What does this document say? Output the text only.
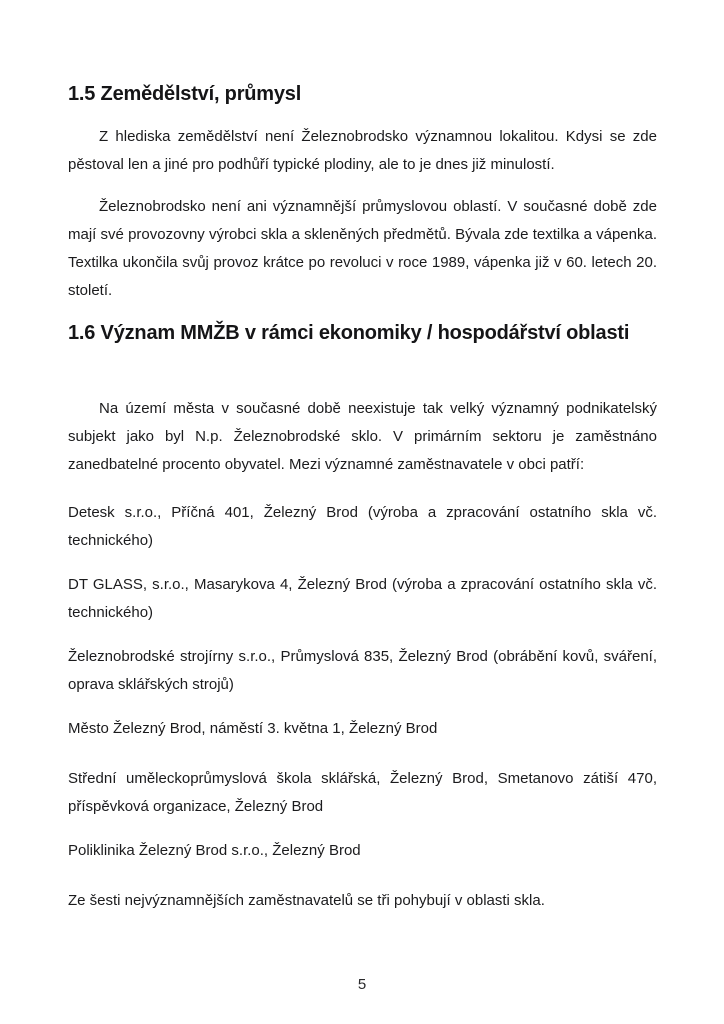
1.5 Zemědělství, průmysl

Z hlediska zemědělství není Železnobrodsko významnou lokalitou. Kdysi se zde pěstoval len a jiné pro podhůří typické plodiny, ale to je dnes již minulostí.

Železnobrodsko není ani významnější průmyslovou oblastí. V současné době zde mají své provozovny výrobci skla a skleněných předmětů. Bývala zde textilka a vápenka. Textilka ukončila svůj provoz krátce po revoluci v roce 1989, vápenka již v 60. letech 20. století.

1.6 Význam MMŽB v rámci ekonomiky / hospodářství oblasti

Na území města v současné době neexistuje tak velký významný podnikatelský subjekt jako byl N.p. Železnobrodské sklo. V primárním sektoru je zaměstnáno zanedbatelné procento obyvatel. Mezi významné zaměstnavatele v obci patří:

Detesk s.r.o., Příčná 401, Železný Brod (výroba a zpracování ostatního skla vč. technického)

DT GLASS, s.r.o., Masarykova 4, Železný Brod (výroba a zpracování ostatního skla vč. technického)

Železnobrodské strojírny s.r.o., Průmyslová 835, Železný Brod (obrábění kovů, sváření, oprava sklářských strojů)

Město Železný Brod, náměstí 3. května 1, Železný Brod

Střední uměleckoprůmyslová škola sklářská, Železný Brod, Smetanovo zátiší 470, příspěvková organizace, Železný Brod

Poliklinika Železný Brod s.r.o., Železný Brod

Ze šesti nejvýznamnějších zaměstnavatelů se tři pohybují v oblasti skla.

5
